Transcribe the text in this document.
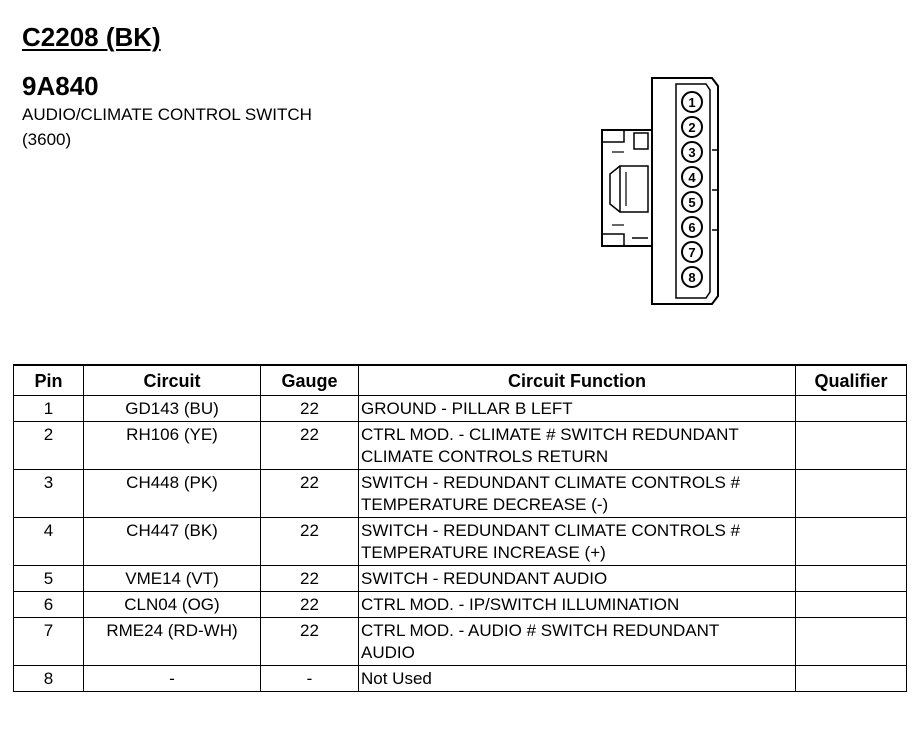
C2208 (BK)
9A840
AUDIO/CLIMATE CONTROL SWITCH
(3600)
1
2
3
4
5
6
7
8
Pin	Circuit	Gauge	Circuit Function	Qualifier
1	GD143 (BU)	22	GROUND - PILLAR B LEFT	

2	RH106 (YE)	22	CTRL MOD. - CLIMATE # SWITCH REDUNDANT
CLIMATE CONTROLS RETURN	

3	CH448 (PK)	22	SWITCH - REDUNDANT CLIMATE CONTROLS #
TEMPERATURE DECREASE (-)	

4	CH447 (BK)	22	SWITCH - REDUNDANT CLIMATE CONTROLS #
TEMPERATURE INCREASE (+)	

5	VME14 (VT)	22	SWITCH - REDUNDANT AUDIO	

6	CLN04 (OG)	22	CTRL MOD. - IP/SWITCH ILLUMINATION	

7	RME24 (RD-WH)	22	CTRL MOD. - AUDIO # SWITCH REDUNDANT
AUDIO	

8	-	-	Not Used	
